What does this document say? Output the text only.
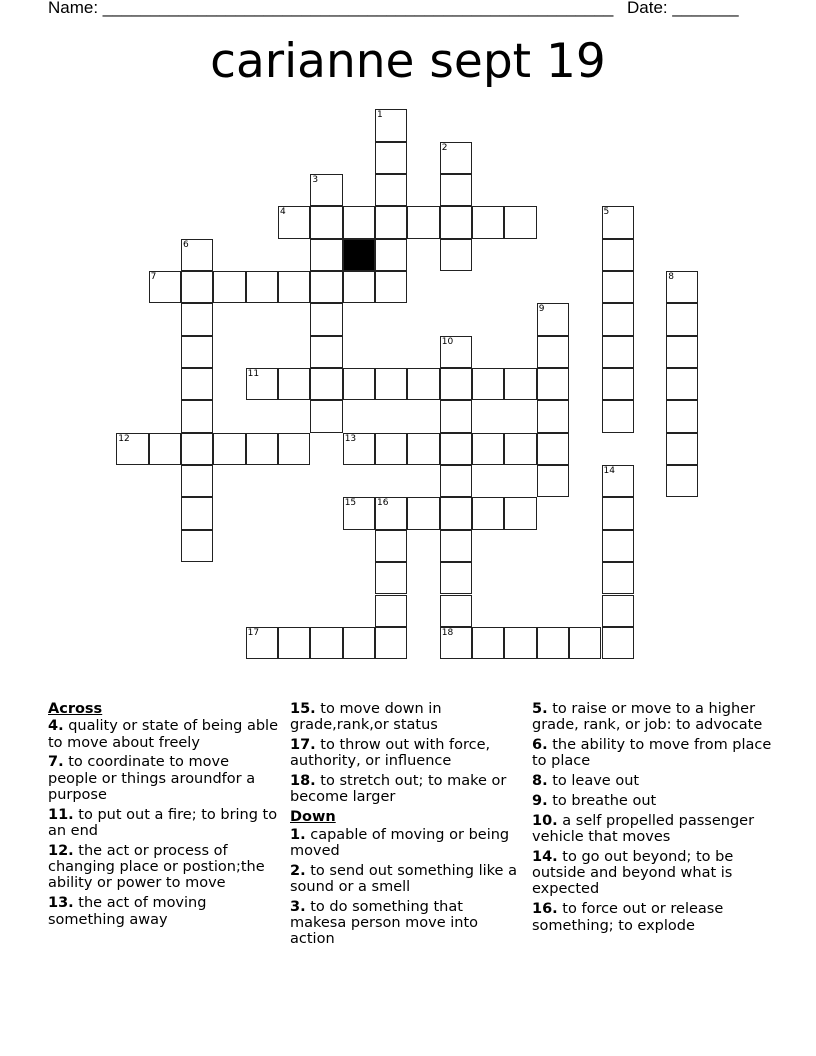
Name: ______________________________________________________ Date: _______
carianne sept 19
1
2
3
4	5
6
7	8
9
10
18
11
12	13
14
15 16
17
Across
4. quality or state of being able to move about freely
7. to coordinate to move people or things aroundfor a purpose
11. to put out a fire; to bring to an end
12. the act or process of changing place or postion;the ability or power to move
13. the act of moving something away
15. to move down in grade,rank,or status
17. to throw out with force, authority, or influence
18. to stretch out; to make or become larger
Down
1. capable of moving or being moved
2. to send out something like a sound or a smell
3. to do something that makesa person move into action
5. to raise or move to a higher grade, rank, or job: to advocate
6. the ability to move from place to place
8. to leave out
9. to breathe out
10. a self propelled passenger vehicle that moves
14. to go out beyond; to be outside and beyond what is expected
16. to force out or release something; to explode
